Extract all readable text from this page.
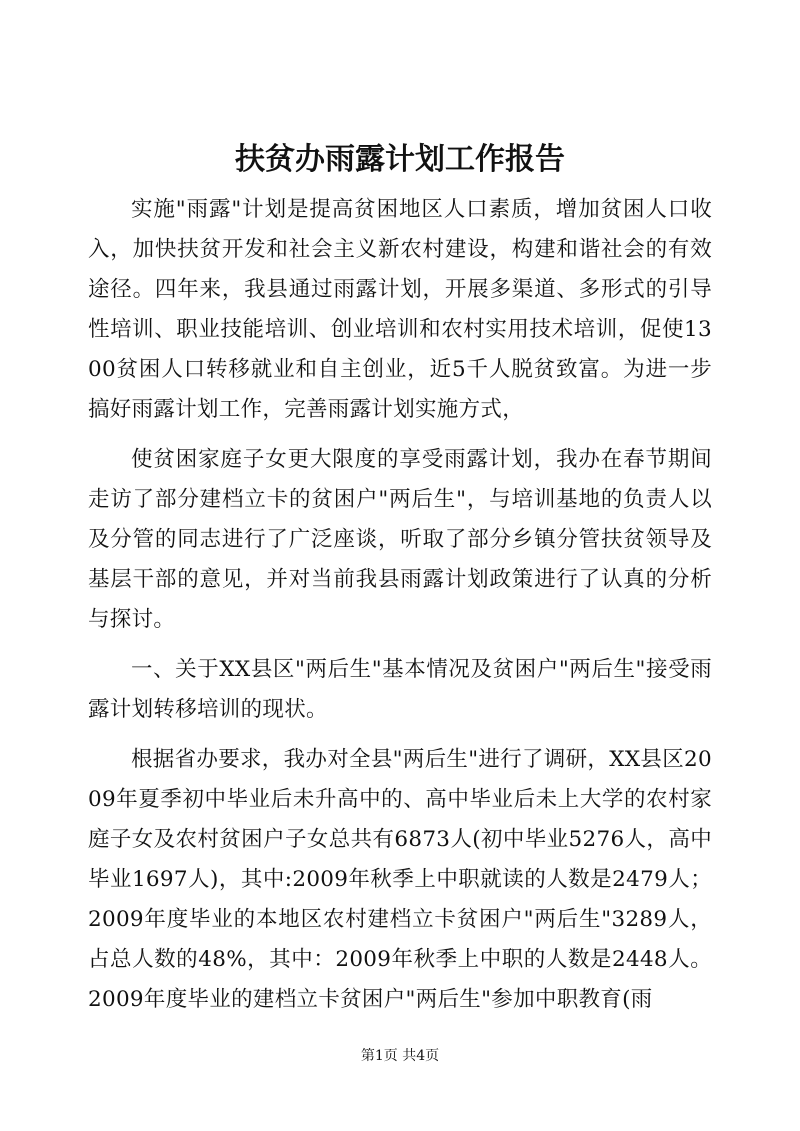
扶贫办雨露计划工作报告

实施"雨露"计划是提高贫困地区人口素质，增加贫困人口收入，加快扶贫开发和社会主义新农村建设，构建和谐社会的有效途径。四年来，我县通过雨露计划，开展多渠道、多形式的引导性培训、职业技能培训、创业培训和农村实用技术培训，促使1300贫困人口转移就业和自主创业，近5千人脱贫致富。为进一步搞好雨露计划工作，完善雨露计划实施方式，

使贫困家庭子女更大限度的享受雨露计划，我办在春节期间走访了部分建档立卡的贫困户"两后生"，与培训基地的负责人以及分管的同志进行了广泛座谈，听取了部分乡镇分管扶贫领导及基层干部的意见，并对当前我县雨露计划政策进行了认真的分析与探讨。

一、关于XX县区"两后生"基本情况及贫困户"两后生"接受雨露计划转移培训的现状。

根据省办要求，我办对全县"两后生"进行了调研，XX县区2009年夏季初中毕业后未升高中的、高中毕业后未上大学的农村家庭子女及农村贫困户子女总共有6873人(初中毕业5276人，高中毕业1697人)，其中:2009年秋季上中职就读的人数是2479人；2009年度毕业的本地区农村建档立卡贫困户"两后生"3289人，占总人数的48%，其中：2009年秋季上中职的人数是2448人。2009年度毕业的建档立卡贫困户"两后生"参加中职教育(雨

第1页 共4页
